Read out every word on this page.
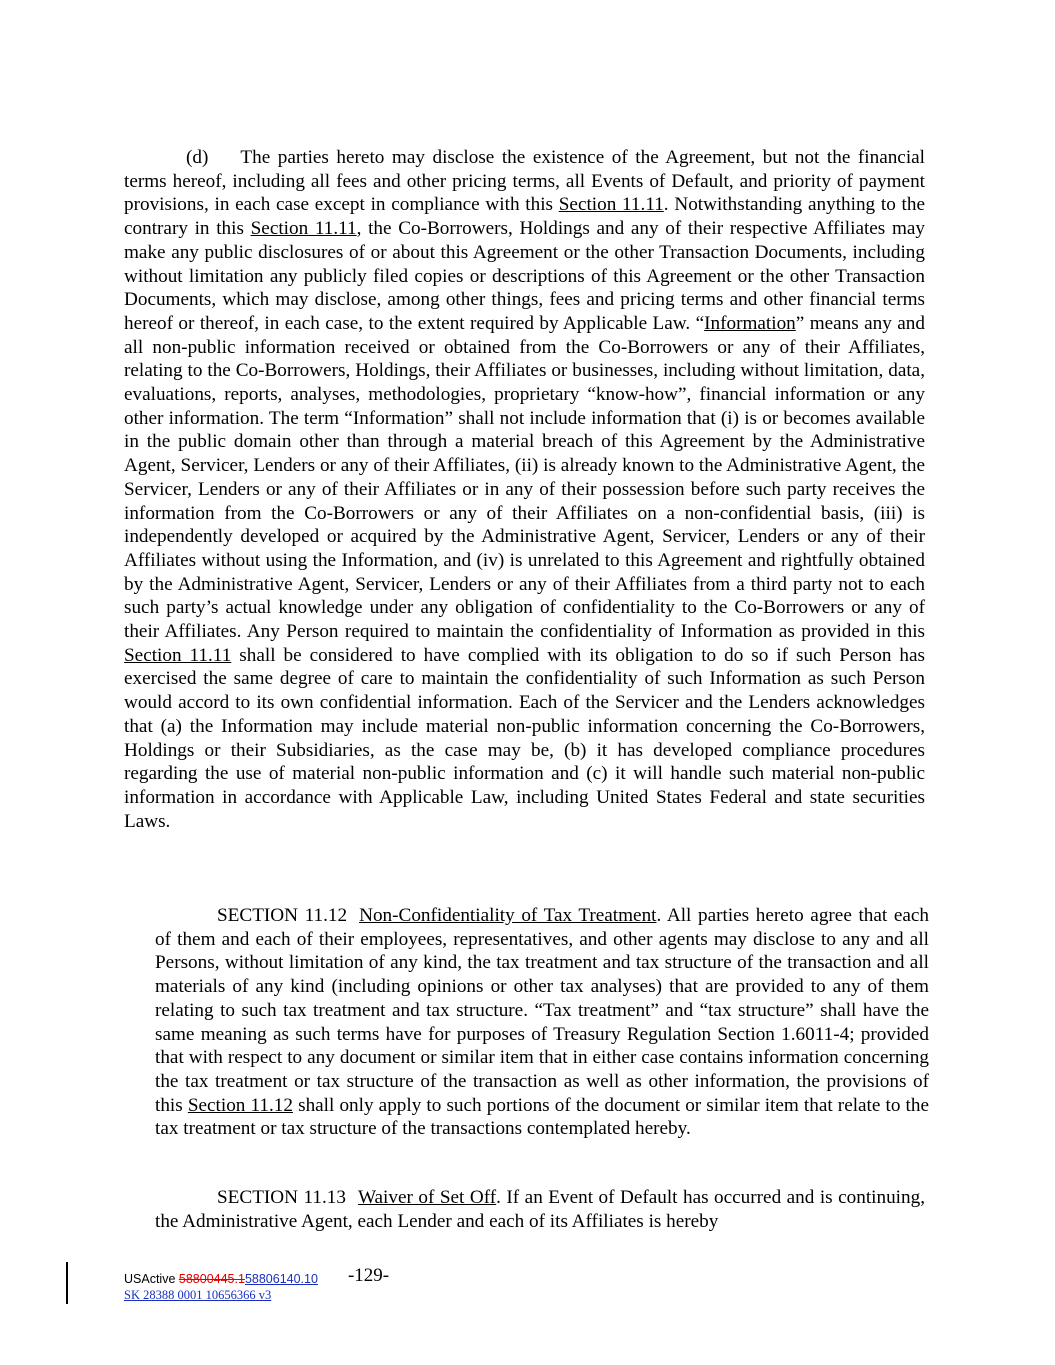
(d) The parties hereto may disclose the existence of the Agreement, but not the financial terms hereof, including all fees and other pricing terms, all Events of Default, and priority of payment provisions, in each case except in compliance with this Section 11.11. Notwithstanding anything to the contrary in this Section 11.11, the Co-Borrowers, Holdings and any of their respective Affiliates may make any public disclosures of or about this Agreement or the other Transaction Documents, including without limitation any publicly filed copies or descriptions of this Agreement or the other Transaction Documents, which may disclose, among other things, fees and pricing terms and other financial terms hereof or thereof, in each case, to the extent required by Applicable Law. “Information” means any and all non-public information received or obtained from the Co-Borrowers or any of their Affiliates, relating to the Co-Borrowers, Holdings, their Affiliates or businesses, including without limitation, data, evaluations, reports, analyses, methodologies, proprietary “know-how”, financial information or any other information. The term “Information” shall not include information that (i) is or becomes available in the public domain other than through a material breach of this Agreement by the Administrative Agent, Servicer, Lenders or any of their Affiliates, (ii) is already known to the Administrative Agent, the Servicer, Lenders or any of their Affiliates or in any of their possession before such party receives the information from the Co-Borrowers or any of their Affiliates on a non-confidential basis, (iii) is independently developed or acquired by the Administrative Agent, Servicer, Lenders or any of their Affiliates without using the Information, and (iv) is unrelated to this Agreement and rightfully obtained by the Administrative Agent, Servicer, Lenders or any of their Affiliates from a third party not to each such party’s actual knowledge under any obligation of confidentiality to the Co-Borrowers or any of their Affiliates. Any Person required to maintain the confidentiality of Information as provided in this Section 11.11 shall be considered to have complied with its obligation to do so if such Person has exercised the same degree of care to maintain the confidentiality of such Information as such Person would accord to its own confidential information. Each of the Servicer and the Lenders acknowledges that (a) the Information may include material non-public information concerning the Co-Borrowers, Holdings or their Subsidiaries, as the case may be, (b) it has developed compliance procedures regarding the use of material non-public information and (c) it will handle such material non-public information in accordance with Applicable Law, including United States Federal and state securities Laws.

SECTION 11.12 Non-Confidentiality of Tax Treatment. All parties hereto agree that each of them and each of their employees, representatives, and other agents may disclose to any and all Persons, without limitation of any kind, the tax treatment and tax structure of the transaction and all materials of any kind (including opinions or other tax analyses) that are provided to any of them relating to such tax treatment and tax structure. “Tax treatment” and “tax structure” shall have the same meaning as such terms have for purposes of Treasury Regulation Section 1.6011-4; provided that with respect to any document or similar item that in either case contains information concerning the tax treatment or tax structure of the transaction as well as other information, the provisions of this Section 11.12 shall only apply to such portions of the document or similar item that relate to the tax treatment or tax structure of the transactions contemplated hereby.

SECTION 11.13 Waiver of Set Off. If an Event of Default has occurred and is continuing, the Administrative Agent, each Lender and each of its Affiliates is hereby

USActive 58800445.158806140.10 -129-
SK 28388 0001 10656366 v3
